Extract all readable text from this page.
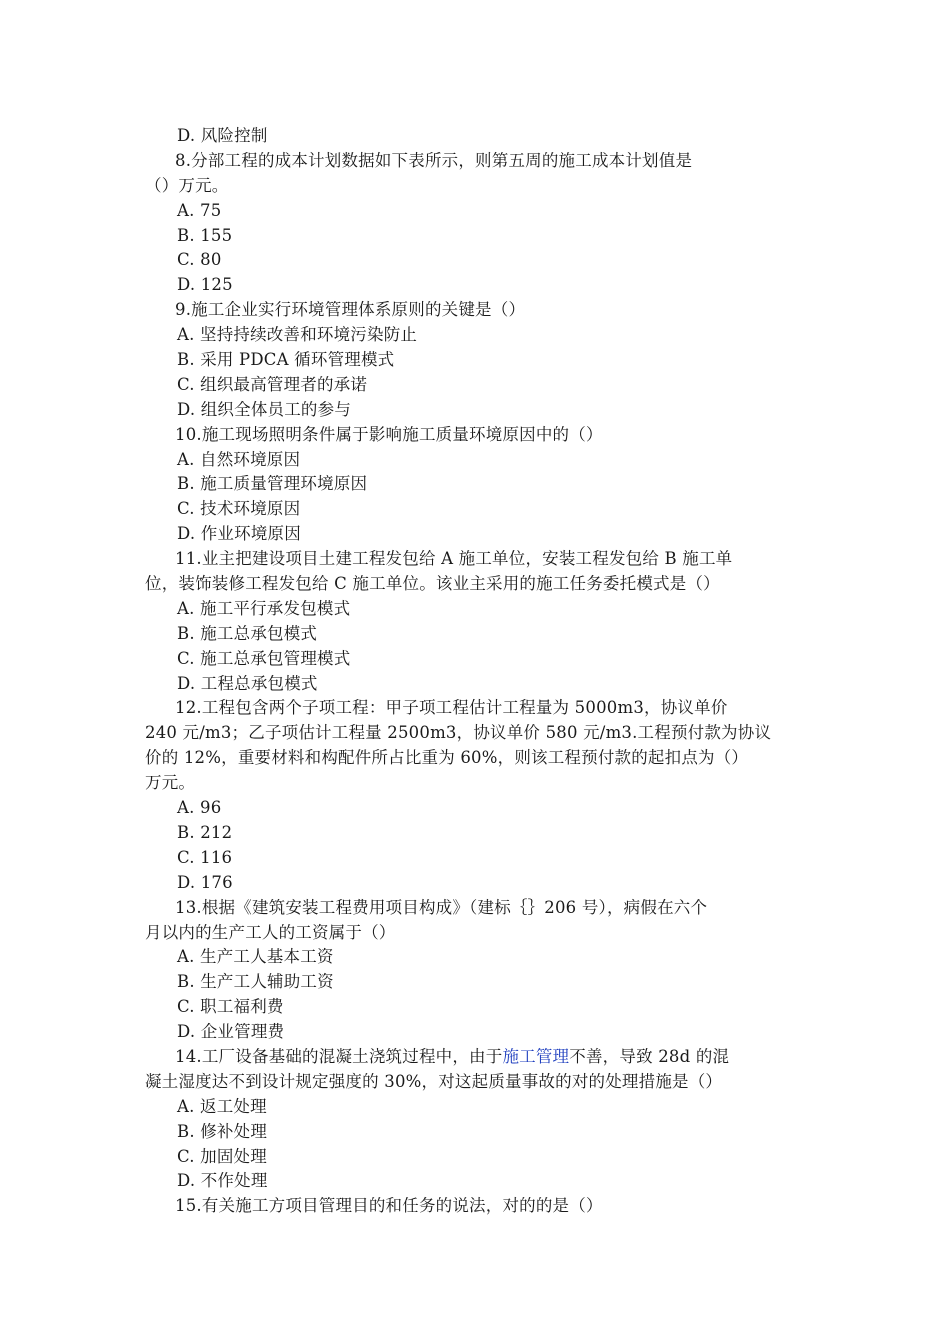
D. 风险控制
8.分部工程的成本计划数据如下表所示，则第五周的施工成本计划值是
（）万元。
A. 75
B. 155
C. 80
D. 125
9.施工企业实行环境管理体系原则的关键是（）
A. 坚持持续改善和环境污染防止
B. 采用 PDCA 循环管理模式
C. 组织最高管理者的承诺
D. 组织全体员工的参与
10.施工现场照明条件属于影响施工质量环境原因中的（）
A. 自然环境原因
B. 施工质量管理环境原因
C. 技术环境原因
D. 作业环境原因
11.业主把建设项目土建工程发包给 A 施工单位，安装工程发包给 B 施工单
位，装饰装修工程发包给 C 施工单位。该业主采用的施工任务委托模式是（）
A. 施工平行承发包模式
B. 施工总承包模式
C. 施工总承包管理模式
D. 工程总承包模式
12.工程包含两个子项工程：甲子项工程估计工程量为 5000m3，协议单价
240 元/m3；乙子项估计工程量 2500m3，协议单价 580 元/m3.工程预付款为协议
价的 12%，重要材料和构配件所占比重为 60%，则该工程预付款的起扣点为（）
万元。
A. 96
B. 212
C. 116
D. 176
13.根据《建筑安装工程费用项目构成》（建标｛｝206 号），病假在六个
月以内的生产工人的工资属于（）
A. 生产工人基本工资
B. 生产工人辅助工资
C. 职工福利费
D. 企业管理费
14.工厂设备基础的混凝土浇筑过程中，由于施工管理不善，导致 28d 的混
凝土湿度达不到设计规定强度的 30%，对这起质量事故的对的处理措施是（）
A. 返工处理
B. 修补处理
C. 加固处理
D. 不作处理
15.有关施工方项目管理目的和任务的说法，对的的是（）
